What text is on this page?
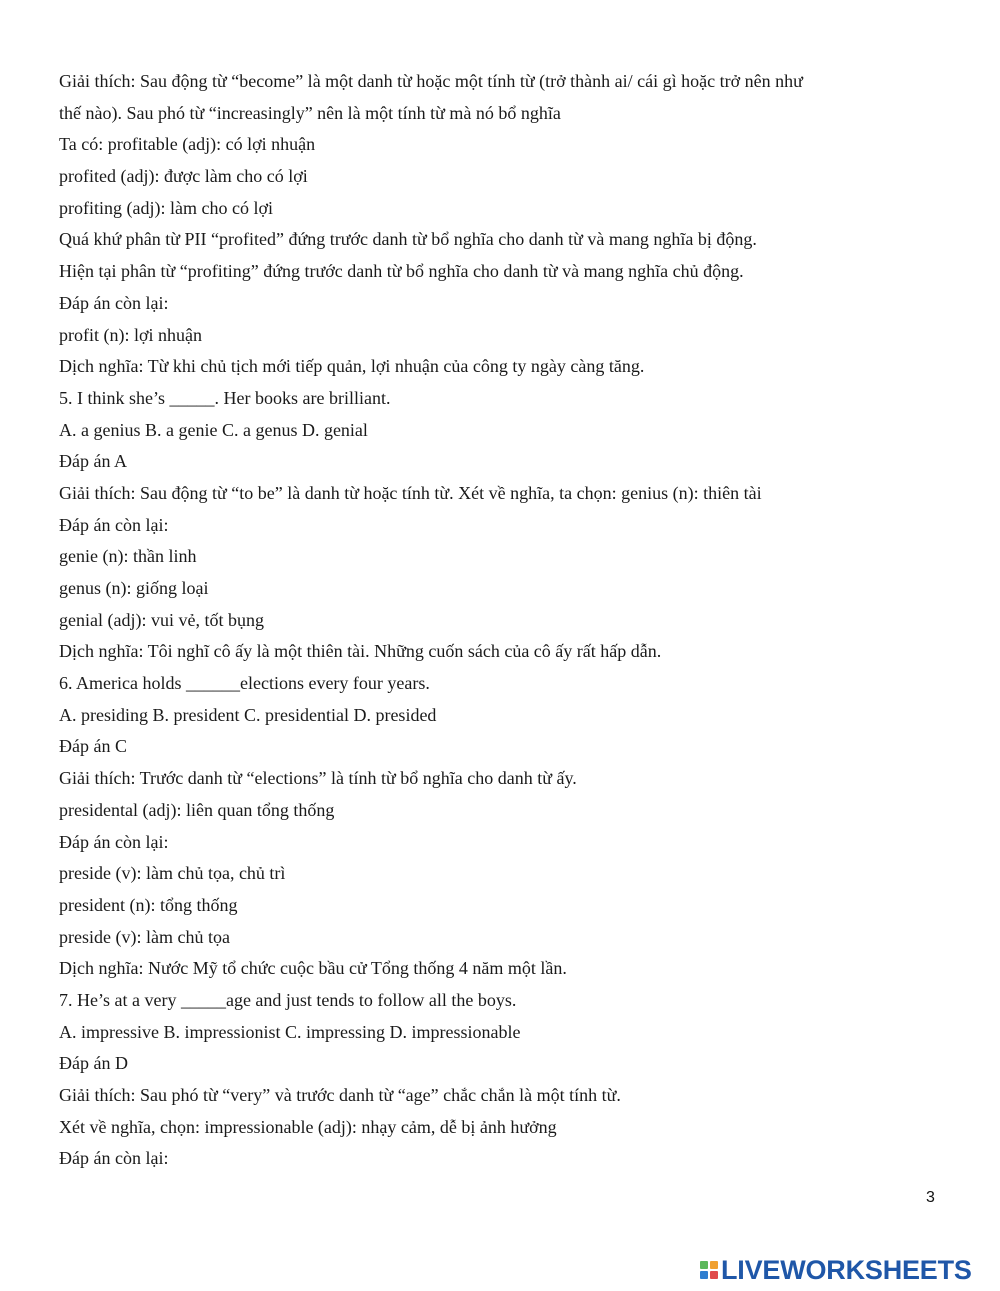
Giải thích: Sau động từ “become” là một danh từ hoặc một tính từ (trở thành ai/ cái gì hoặc trở nên như
thế nào). Sau phó từ “increasingly” nên là một tính từ mà nó bổ nghĩa
Ta có: profitable (adj): có lợi nhuận
profited (adj): được làm cho có lợi
profiting (adj): làm cho có lợi
Quá khứ phân từ PII “profited” đứng trước danh từ bổ nghĩa cho danh từ và mang nghĩa bị động.
Hiện tại phân từ “profiting” đứng trước danh từ bổ nghĩa cho danh từ và mang nghĩa chủ động.
Đáp án còn lại:
profit (n): lợi nhuận
Dịch nghĩa: Từ khi chủ tịch mới tiếp quản, lợi nhuận của công ty ngày càng tăng.
5. I think she’s _____. Her books are brilliant.
A. a genius B. a genie C. a genus D. genial
Đáp án A
Giải thích: Sau động từ “to be” là danh từ hoặc tính từ. Xét về nghĩa, ta chọn: genius (n): thiên tài
Đáp án còn lại:
genie (n): thần linh
genus (n): giống loại
genial (adj): vui vẻ, tốt bụng
Dịch nghĩa: Tôi nghĩ cô ấy là một thiên tài. Những cuốn sách của cô ấy rất hấp dẫn.
6. America holds ______elections every four years.
A. presiding B. president C. presidential D. presided
Đáp án C
Giải thích: Trước danh từ “elections” là tính từ bổ nghĩa cho danh từ ấy.
presidental (adj): liên quan tổng thống
Đáp án còn lại:
preside (v): làm chủ tọa, chủ trì
president (n): tổng thống
preside (v): làm chủ tọa
Dịch nghĩa: Nước Mỹ tổ chức cuộc bầu cử Tổng thống 4 năm một lần.
7. He’s at a very _____age and just tends to follow all the boys.
A. impressive B. impressionist C. impressing D. impressionable
Đáp án D
Giải thích: Sau phó từ “very” và trước danh từ “age” chắc chắn là một tính từ.
Xét về nghĩa, chọn: impressionable (adj): nhạy cảm, dễ bị ảnh hưởng
Đáp án còn lại:
3
LIVEWORKSHEETS
